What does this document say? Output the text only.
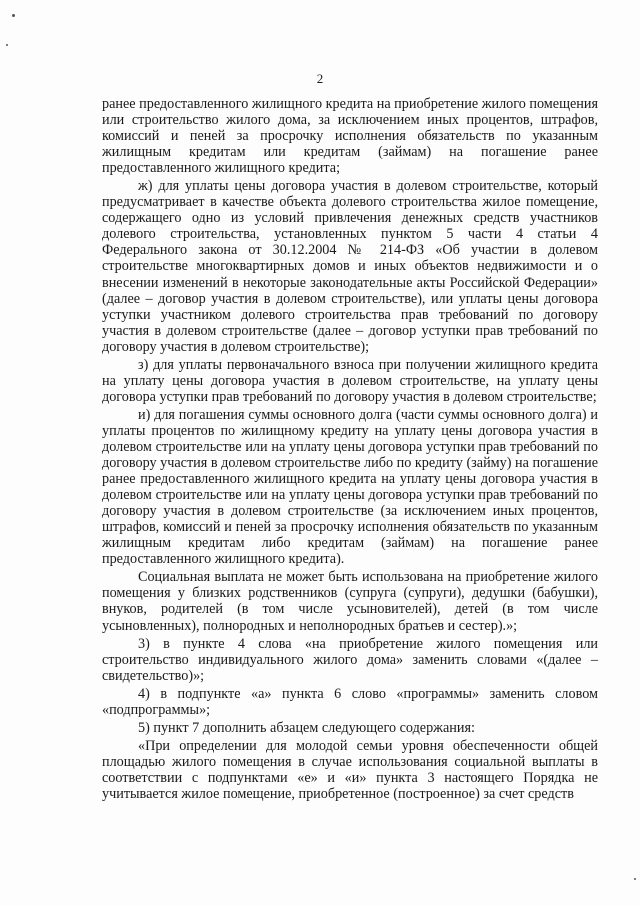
2

ранее предоставленного жилищного кредита на приобретение жилого помещения или строительство жилого дома, за исключением иных процентов, штрафов, комиссий и пеней за просрочку исполнения обязательств по указанным жилищным кредитам или кредитам (займам) на погашение ранее предоставленного жилищного кредита;

ж) для уплаты цены договора участия в долевом строительстве, который предусматривает в качестве объекта долевого строительства жилое помещение, содержащего одно из условий привлечения денежных средств участников долевого строительства, установленных пунктом 5 части 4 статьи 4 Федерального закона от 30.12.2004 № 214-ФЗ «Об участии в долевом строительстве многоквартирных домов и иных объектов недвижимости и о внесении изменений в некоторые законодательные акты Российской Федерации» (далее – договор участия в долевом строительстве), или уплаты цены договора уступки участником долевого строительства прав требований по договору участия в долевом строительстве (далее – договор уступки прав требований по договору участия в долевом строительстве);

з) для уплаты первоначального взноса при получении жилищного кредита на уплату цены договора участия в долевом строительстве, на уплату цены договора уступки прав требований по договору участия в долевом строительстве;

и) для погашения суммы основного долга (части суммы основного долга) и уплаты процентов по жилищному кредиту на уплату цены договора участия в долевом строительстве или на уплату цены договора уступки прав требований по договору участия в долевом строительстве либо по кредиту (займу) на погашение ранее предоставленного жилищного кредита на уплату цены договора участия в долевом строительстве или на уплату цены договора уступки прав требований по договору участия в долевом строительстве (за исключением иных процентов, штрафов, комиссий и пеней за просрочку исполнения обязательств по указанным жилищным кредитам либо кредитам (займам) на погашение ранее предоставленного жилищного кредита).

Социальная выплата не может быть использована на приобретение жилого помещения у близких родственников (супруга (супруги), дедушки (бабушки), внуков, родителей (в том числе усыновителей), детей (в том числе усыновленных), полнородных и неполнородных братьев и сестер).»;

3) в пункте 4 слова «на приобретение жилого помещения или строительство индивидуального жилого дома» заменить словами «(далее – свидетельство)»;

4) в подпункте «а» пункта 6 слово «программы» заменить словом «подпрограммы»;

5) пункт 7 дополнить абзацем следующего содержания:

«При определении для молодой семьи уровня обеспеченности общей площадью жилого помещения в случае использования социальной выплаты в соответствии с подпунктами «е» и «и» пункта 3 настоящего Порядка не учитывается жилое помещение, приобретенное (построенное) за счет средств
